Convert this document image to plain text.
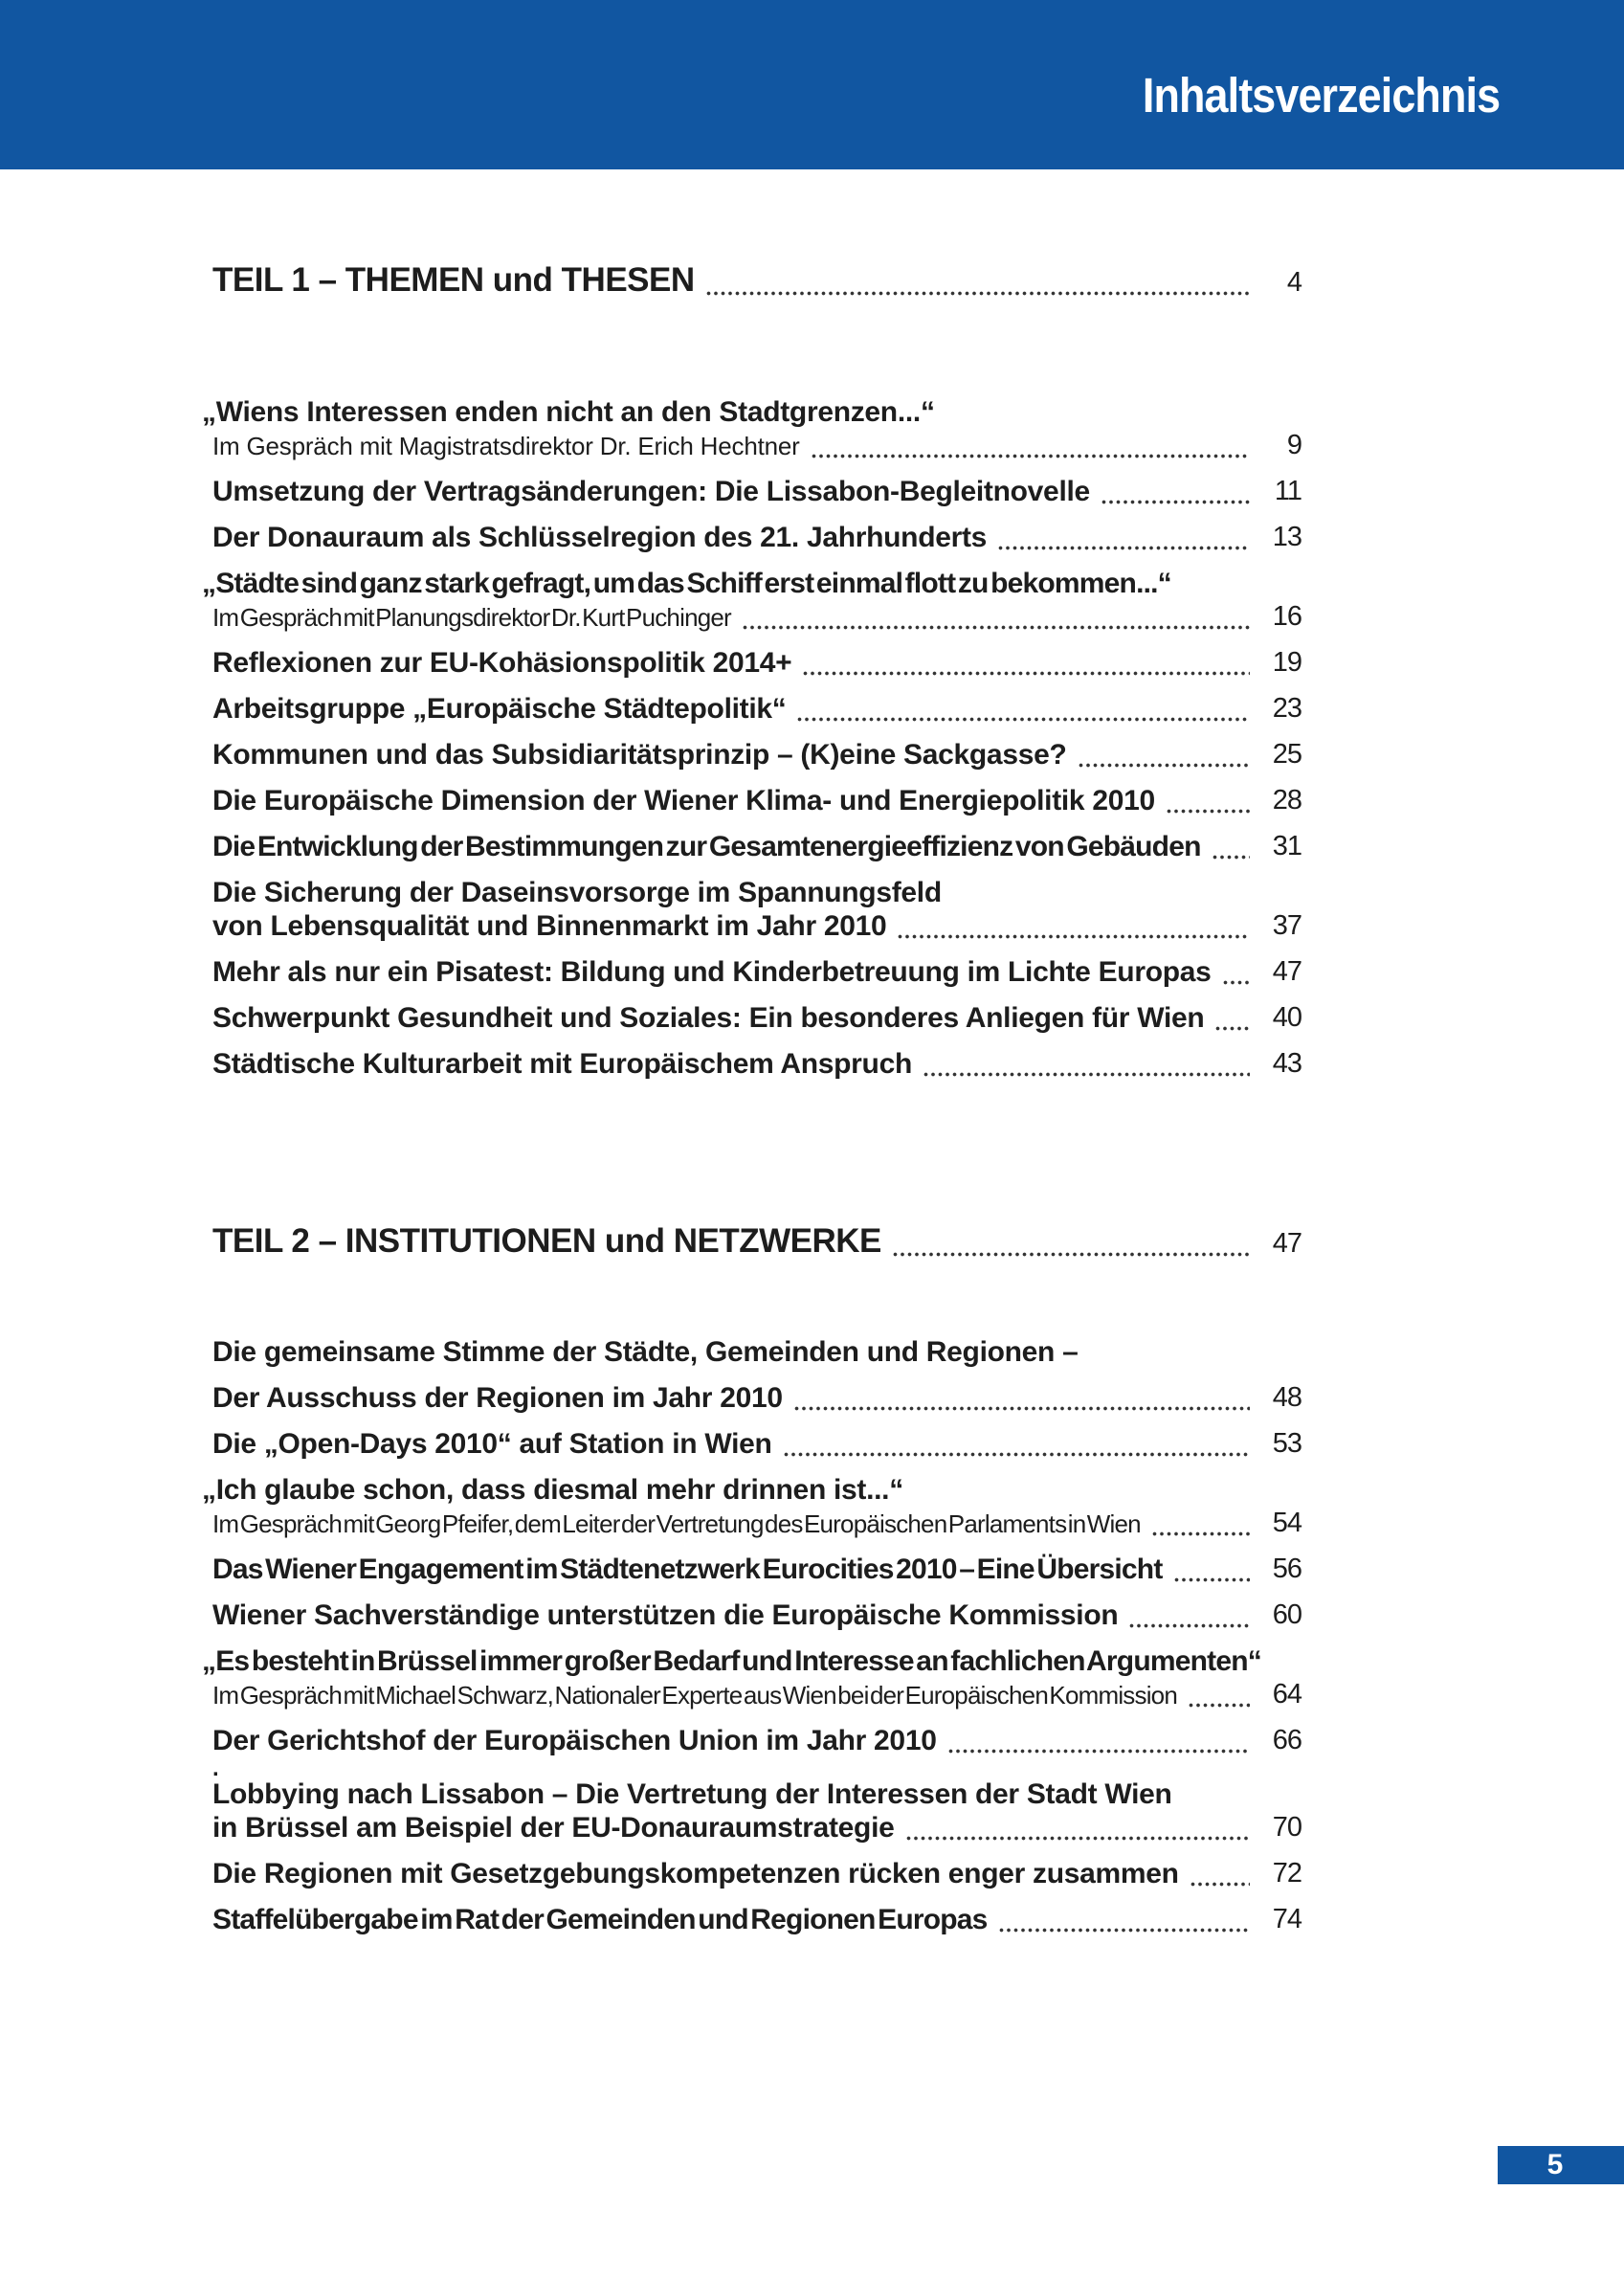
Inhaltsverzeichnis
TEIL 1 – THEMEN und THESEN	4
„Wiens Interessen enden nicht an den Stadtgrenzen...“
Im Gespräch mit Magistratsdirektor Dr. Erich Hechtner	9
Umsetzung der Vertragsänderungen: Die Lissabon-Begleitnovelle	11
Der Donauraum als Schlüsselregion des 21. Jahrhunderts	13
„Städte sind ganz stark gefragt, um das Schiff erst einmal flott zu bekommen...“
Im Gespräch mit Planungsdirektor Dr. Kurt Puchinger	16
Reflexionen zur EU-Kohäsionspolitik 2014+	19
Arbeitsgruppe „Europäische Städtepolitik“	23
Kommunen und das Subsidiaritätsprinzip – (K)eine Sackgasse?	25
Die Europäische Dimension der Wiener Klima- und Energiepolitik 2010	28
Die Entwicklung der Bestimmungen zur Gesamtenergieeffizienz von Gebäuden	31
Die Sicherung der Daseinsvorsorge im Spannungsfeld
von Lebensqualität und Binnenmarkt im Jahr 2010	37
Mehr als nur ein Pisatest: Bildung und Kinderbetreuung im Lichte Europas	47
Schwerpunkt Gesundheit und Soziales: Ein besonderes Anliegen für Wien	40
Städtische Kulturarbeit mit Europäischem Anspruch	43
TEIL 2 – INSTITUTIONEN und NETZWERKE	47
Die gemeinsame Stimme der Städte, Gemeinden und Regionen –
Der Ausschuss der Regionen im Jahr 2010	48
Die „Open-Days 2010“ auf Station in Wien	53
„Ich glaube schon, dass diesmal mehr drinnen ist...“
Im Gespräch mit Georg Pfeifer, dem Leiter der Vertretung des Europäischen Parlaments in Wien	54
Das Wiener Engagement im Städtenetzwerk Eurocities 2010 – Eine Übersicht	56
Wiener Sachverständige unterstützen die Europäische Kommission	60
„Es besteht in Brüssel immer großer Bedarf und Interesse an fachlichen Argumenten“
Im Gespräch mit Michael Schwarz, Nationaler Experte aus Wien bei der Europäischen Kommission	64
Der Gerichtshof der Europäischen Union im Jahr 2010	66
.
Lobbying nach Lissabon – Die Vertretung der Interessen der Stadt Wien
in Brüssel am Beispiel der EU-Donauraumstrategie	70
Die Regionen mit Gesetzgebungskompetenzen rücken enger zusammen	72
Staffelübergabe im Rat der Gemeinden und Regionen Europas	74
5
